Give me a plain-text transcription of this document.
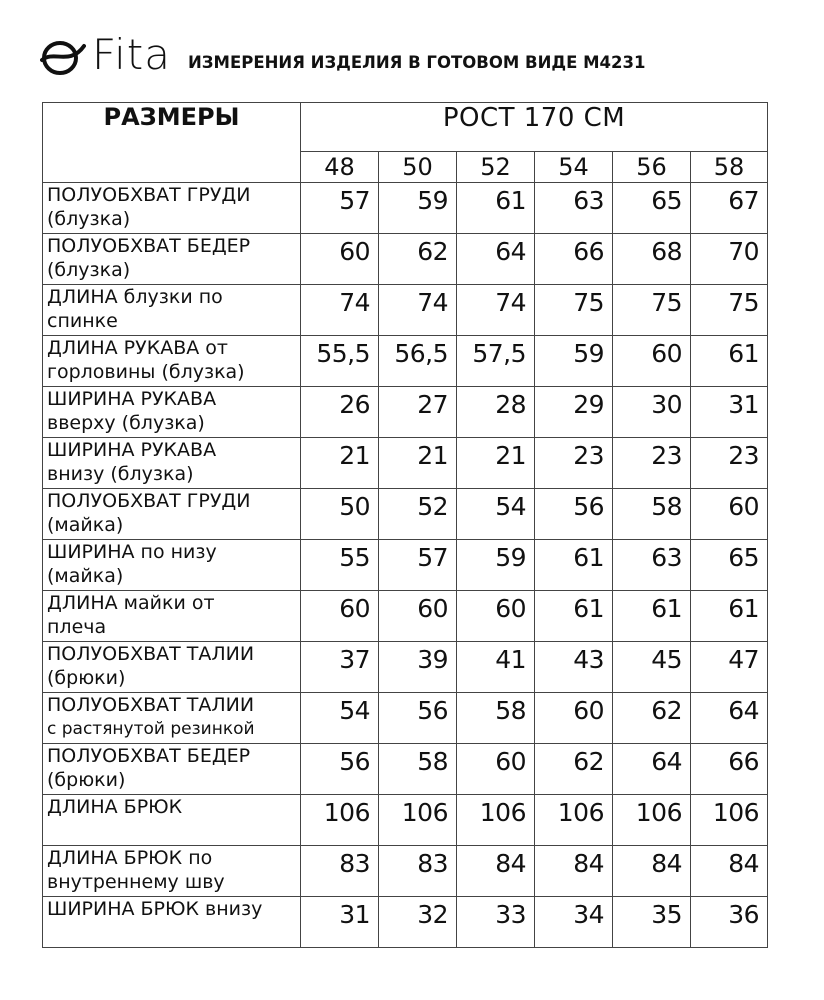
Fita ИЗМЕРЕНИЯ ИЗДЕЛИЯ В ГОТОВОМ ВИДЕ М4231
РАЗМЕРЫ	РОСТ 170 СМ					
	48	50	52	54	56	58

ПОЛУОБХВАТ ГРУДИ
(блузка)	57	59	61	63	65	67

ПОЛУОБХВАТ БЕДЕР
(блузка)	60	62	64	66	68	70

ДЛИНА блузки по
спинке	74	74	74	75	75	75

ДЛИНА РУКАВА от
горловины (блузка)	55,5	56,5	57,5	59	60	61

ШИРИНА РУКАВА
вверху (блузка)	26	27	28	29	30	31

ШИРИНА РУКАВА
внизу (блузка)	21	21	21	23	23	23

ПОЛУОБХВАТ ГРУДИ
(майка)	50	52	54	56	58	60

ШИРИНА по низу
(майка)	55	57	59	61	63	65

ДЛИНА майки от
плеча	60	60	60	61	61	61

ПОЛУОБХВАТ ТАЛИИ
(брюки)	37	39	41	43	45	47

ПОЛУОБХВАТ ТАЛИИ
с растянутой резинкой	54	56	58	60	62	64

ПОЛУОБХВАТ БЕДЕР
(брюки)	56	58	60	62	64	66

ДЛИНА БРЮК	106	106	106	106	106	106

ДЛИНА БРЮК по
внутреннему шву	83	83	84	84	84	84

ШИРИНА БРЮК внизу	31	32	33	34	35	36
